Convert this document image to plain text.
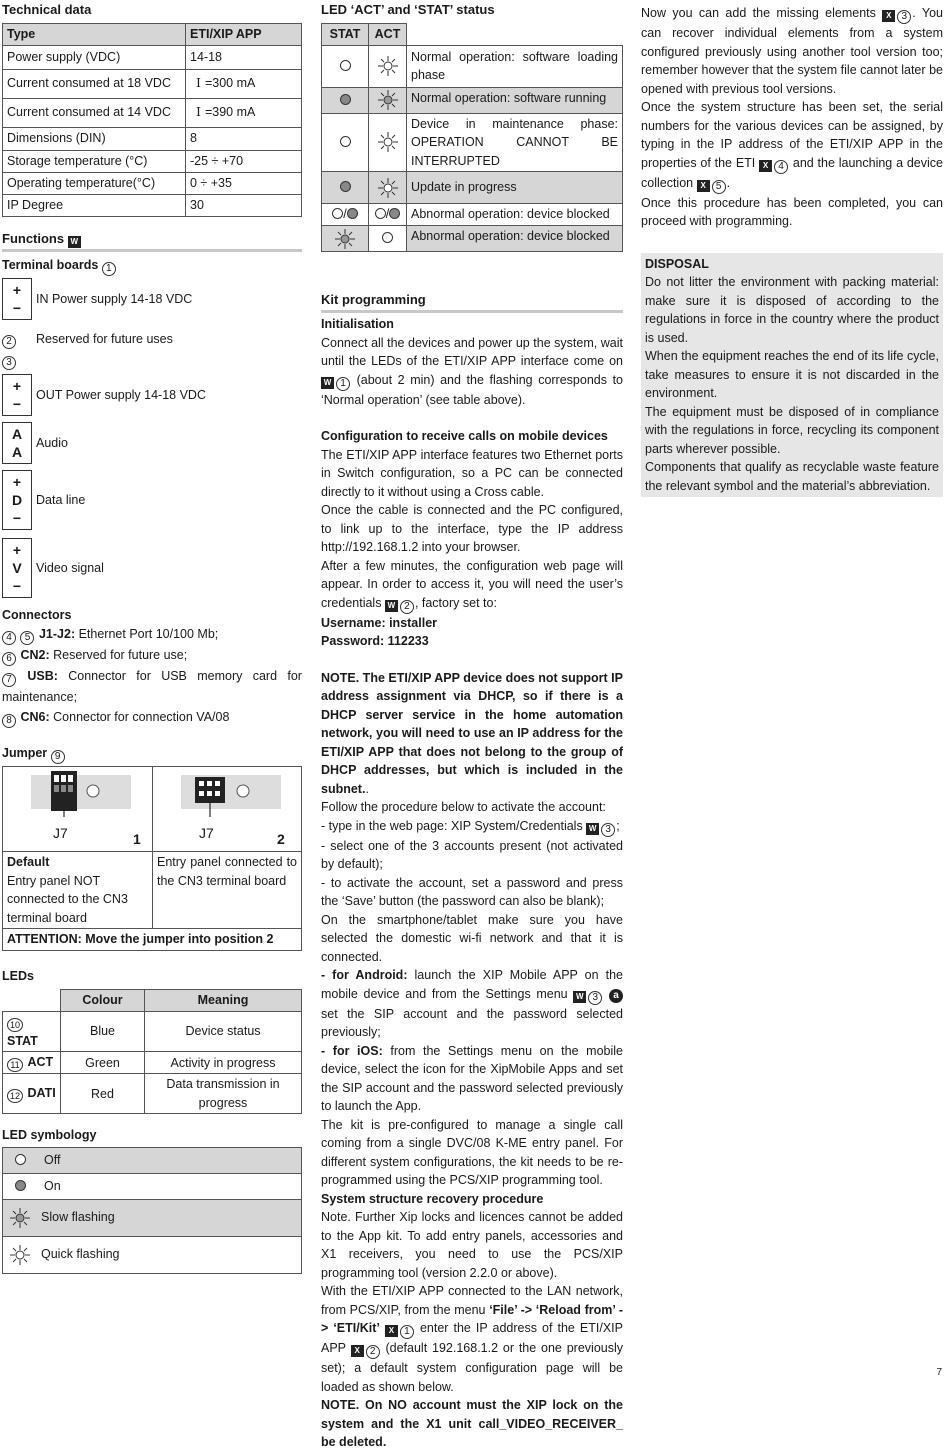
Technical data
Type	ETI/XIP APP
Power supply (VDC)	14-18
Current consumed at 18 VDC	I =300 mA
Current consumed at 14 VDC	I =390 mA
Dimensions (DIN)	8
Storage temperature (°C)	-25 ÷ +70
Operating temperature(°C)	0 ÷ +35
IP Degree	30
Functions W
Terminal boards 1
+
−
IN Power supply 14-18 VDC
2
3
Reserved for future uses
+
−
OUT Power supply 14-18 VDC
A
A
Audio
+
D
−
Data line
+
V
−
Video signal
Connectors
4 5 J1-J2: Ethernet Port 10/100 Mb;
6 CN2: Reserved for future use;
7 USB: Connector for USB memory card for maintenance;
8 CN6: Connector for connection VA/08
Jumper 9
J7 1	J7 2

Default
Entry panel NOT connected to the CN3 terminal board	Entry panel connected to the CN3 terminal board
ATTENTION: Move the jumper into position 2	
LEDs
	Colour	Meaning
10 STAT	Blue	Device status
11 ACT	Green	Activity in progress
12 DATI	Red	Data transmission in progress
LED symbology
Off
On
Slow flashing
Quick flashing
LED ‘ACT’ and ‘STAT’ status
STAT	ACT	
		Normal operation: software loading phase
		Normal operation: software running
		Device in maintenance phase: OPERATION CANNOT BE INTERRUPTED
		Update in progress
/	/	Abnormal operation: device blocked
		Abnormal operation: device blocked
Kit programming
Initialisation

Connect all the devices and power up the system, wait until the LEDs of the ETI/XIP APP interface come on W 1 (about 2 min) and the flashing corresponds to ‘Normal operation’ (see table above).

Configuration to receive calls on mobile devices

The ETI/XIP APP interface features two Ethernet ports in Switch configuration, so a PC can be connected directly to it without using a Cross cable.

Once the cable is connected and the PC configured, to link up to the interface, type the IP address http://192.168.1.2 into your browser.

After a few minutes, the configuration web page will appear. In order to access it, you will need the user’s credentials W 2 , factory set to:

Username: installer

Password: 112233

NOTE. The ETI/XIP APP device does not support IP address assignment via DHCP, so if there is a DHCP server service in the home automation network, you will need to use an IP address for the ETI/XIP APP that does not belong to the group of DHCP addresses, but which is included in the subnet..

Follow the procedure below to activate the account:

- type in the web page: XIP System/Credentials W 3 ;

- select one of the 3 accounts present (not activated by default);

- to activate the account, set a password and press the ‘Save’ button (the password can also be blank);

On the smartphone/tablet make sure you have selected the domestic wi-fi network and that it is connected.

- for Android: launch the XIP Mobile APP on the mobile device and from the Settings menu W 3 a set the SIP account and the password selected previously;

- for iOS: from the Settings menu on the mobile device, select the icon for the XipMobile Apps and set the SIP account and the password selected previously to launch the App.

The kit is pre-configured to manage a single call coming from a single DVC/08 K-ME entry panel. For different system configurations, the kit needs to be re-programmed using the PCS/XIP programming tool.

System structure recovery procedure

Note. Further Xip locks and licences cannot be added to the App kit. To add entry panels, accessories and X1 receivers, you need to use the PCS/XIP programming tool (version 2.2.0 or above).

With the ETI/XIP APP connected to the LAN network, from PCS/XIP, from the menu ‘File’ -> ‘Reload from’ -> ‘ETI/Kit’ X 1 enter the IP address of the ETI/XIP APP X 2 (default 192.168.1.2 or the one previously set); a default system configuration page will be loaded as shown below.

NOTE. On NO account must the XIP lock on the system and the X1 unit call_VIDEO_RECEIVER_ be deleted.

Now you can add the missing elements X 3 . You can recover individual elements from a system configured previously using another tool version too; remember however that the system file cannot later be opened with previous tool versions.

Once the system structure has been set, the serial numbers for the various devices can be assigned, by typing in the IP address of the ETI/XIP APP in the properties of the ETI X 4 and the launching a device collection X 5 .

Once this procedure has been completed, you can proceed with programming.

DISPOSAL

Do not litter the environment with packing material: make sure it is disposed of according to the regulations in force in the country where the product is used.

When the equipment reaches the end of its life cycle, take measures to ensure it is not discarded in the environment.

The equipment must be disposed of in compliance with the regulations in force, recycling its component parts wherever possible.

Components that qualify as recyclable waste feature the relevant symbol and the material’s abbreviation.

7
